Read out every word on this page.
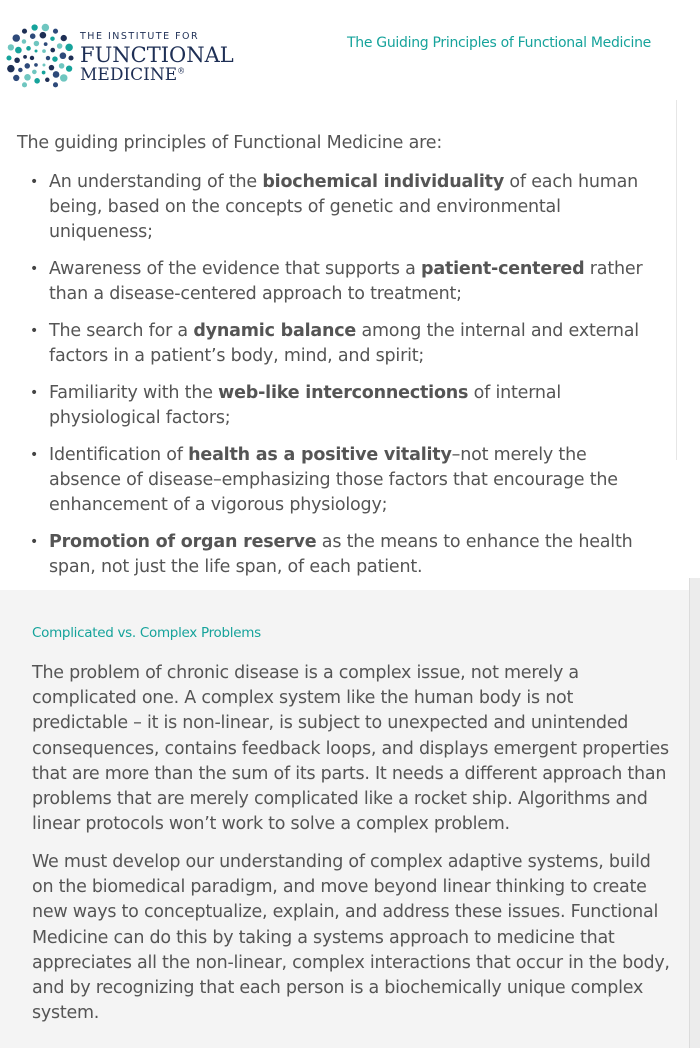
THE INSTITUTE FOR
FUNCTIONAL
MEDICINE®
The Guiding Principles of Functional Medicine
The guiding principles of Functional Medicine are:
• An understanding of the biochemical individuality of each human being, based on the concepts of genetic and environmental uniqueness;
• Awareness of the evidence that supports a patient-centered rather than a disease-centered approach to treatment;
• The search for a dynamic balance among the internal and external factors in a patient’s body, mind, and spirit;
• Familiarity with the web-like interconnections of internal physiological factors;
• Identification of health as a positive vitality–not merely the absence of disease–emphasizing those factors that encourage the enhancement of a vigorous physiology;
• Promotion of organ reserve as the means to enhance the health span, not just the life span, of each patient.
Complicated vs. Complex Problems

The problem of chronic disease is a complex issue, not merely a complicated one. A complex system like the human body is not predictable – it is non-linear, is subject to unexpected and unintended consequences, contains feedback loops, and displays emergent properties that are more than the sum of its parts. It needs a different approach than problems that are merely complicated like a rocket ship. Algorithms and linear protocols won’t work to solve a complex problem.

We must develop our understanding of complex adaptive systems, build on the biomedical paradigm, and move beyond linear thinking to create new ways to conceptualize, explain, and address these issues. Functional Medicine can do this by taking a systems approach to medicine that appreciates all the non-linear, complex interactions that occur in the body, and by recognizing that each person is a biochemically unique complex system.
